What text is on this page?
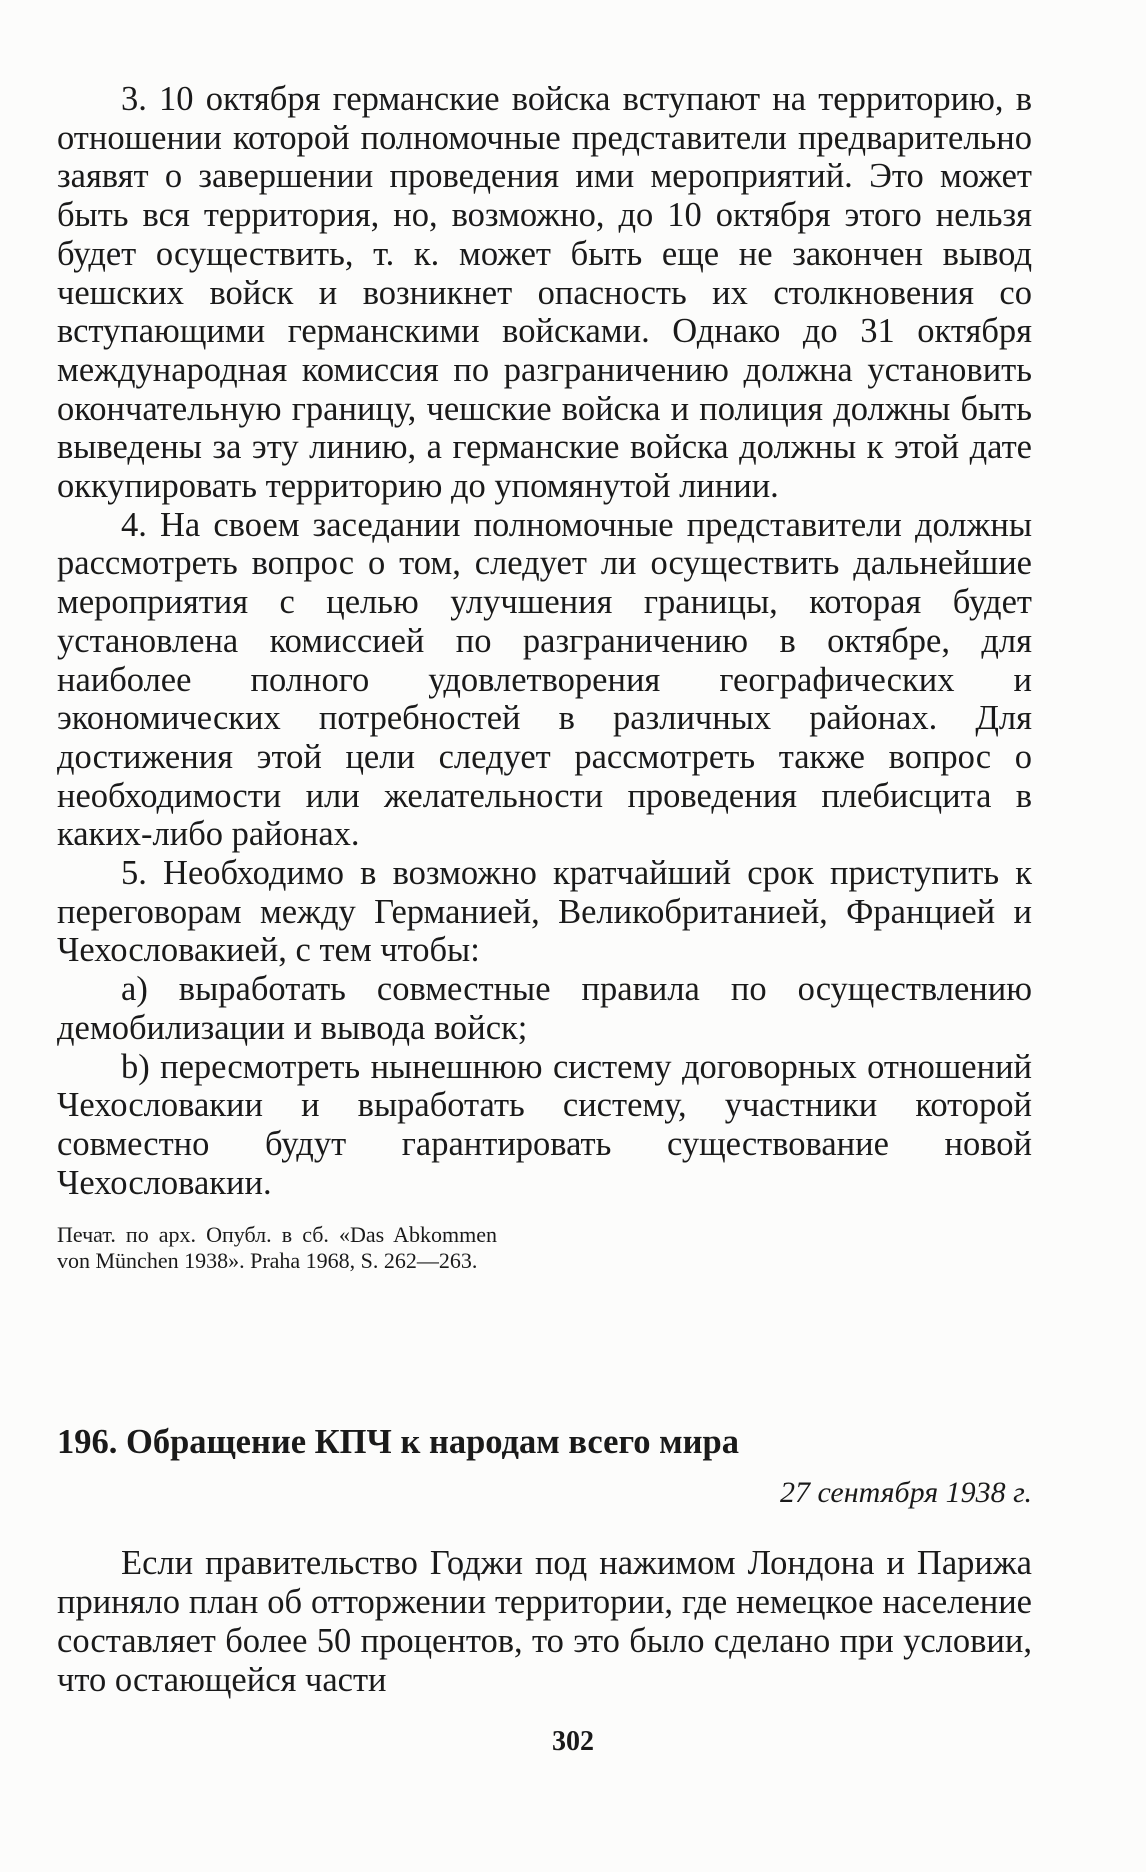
3. 10 октября германские войска вступают на территорию, в отношении которой полномочные представители предварительно заявят о завершении проведения ими мероприятий. Это может быть вся территория, но, возможно, до 10 октября этого нельзя будет осуществить, т. к. может быть еще не закончен вывод чешских войск и возникнет опасность их столкновения со вступающими германскими войсками. Однако до 31 октября международная комиссия по разграничению должна установить окончательную границу, чешские войска и полиция должны быть выведены за эту линию, а германские войска должны к этой дате оккупировать территорию до упомянутой линии.

4. На своем заседании полномочные представители должны рассмотреть вопрос о том, следует ли осуществить дальнейшие мероприятия с целью улучшения границы, которая будет установлена комиссией по разграничению в октябре, для наиболее полного удовлетворения географических и экономических потребностей в различных районах. Для достижения этой цели следует рассмотреть также вопрос о необходимости или желательности проведения плебисцита в каких-либо районах.

5. Необходимо в возможно кратчайший срок приступить к переговорам между Германией, Великобританией, Францией и Чехословакией, с тем чтобы:

а) выработать совместные правила по осуществлению демобилизации и вывода войск;

b) пересмотреть нынешнюю систему договорных отношений Чехословакии и выработать систему, участники которой совместно будут гарантировать существование новой Чехословакии.

Печат. по арх. Опубл. в сб. «Das Abkommen von München 1938». Praha 1968, S. 262—263.

196. Обращение КПЧ к народам всего мира

27 сентября 1938 г.

Если правительство Годжи под нажимом Лондона и Парижа приняло план об отторжении территории, где немецкое население составляет более 50 процентов, то это было сделано при условии, что остающейся части

302
